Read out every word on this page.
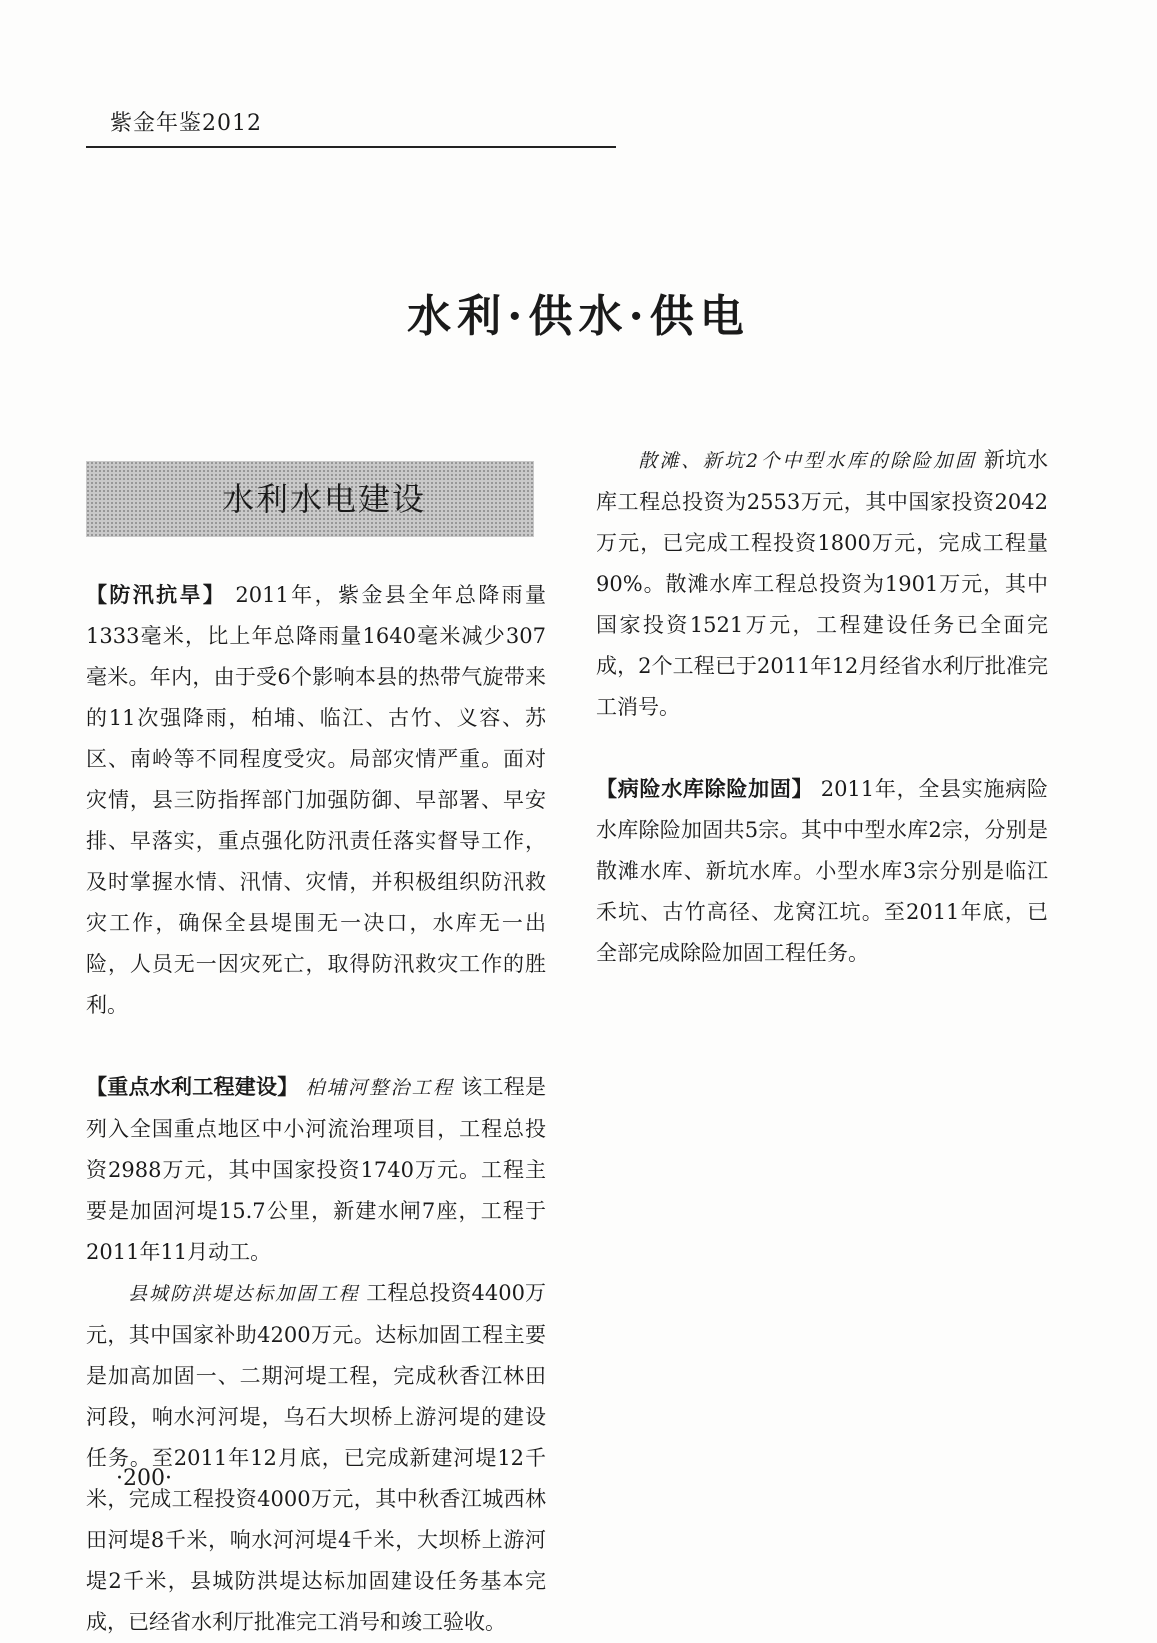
紫金年鉴2012
水利·供水·供电
水利水电建设

【防汛抗旱】 2011年，紫金县全年总降雨量1333毫米，比上年总降雨量1640毫米减少307毫米。年内，由于受6个影响本县的热带气旋带来的11次强降雨，柏埔、临江、古竹、义容、苏区、南岭等不同程度受灾。局部灾情严重。面对灾情，县三防指挥部门加强防御、早部署、早安排、早落实，重点强化防汛责任落实督导工作，及时掌握水情、汛情、灾情，并积极组织防汛救灾工作，确保全县堤围无一决口，水库无一出险，人员无一因灾死亡，取得防汛救灾工作的胜利。

【重点水利工程建设】 柏埔河整治工程 该工程是列入全国重点地区中小河流治理项目，工程总投资2988万元，其中国家投资1740万元。工程主要是加固河堤15.7公里，新建水闸7座，工程于2011年11月动工。

县城防洪堤达标加固工程 工程总投资4400万元，其中国家补助4200万元。达标加固工程主要是加高加固一、二期河堤工程，完成秋香江林田河段，响水河河堤，乌石大坝桥上游河堤的建设任务。至2011年12月底，已完成新建河堤12千米，完成工程投资4000万元，其中秋香江城西林田河堤8千米，响水河河堤4千米，大坝桥上游河堤2千米，县城防洪堤达标加固建设任务基本完成，已经省水利厅批准完工消号和竣工验收。

散滩、新坑2个中型水库的除险加固 新坑水库工程总投资为2553万元，其中国家投资2042万元，已完成工程投资1800万元，完成工程量90%。散滩水库工程总投资为1901万元，其中国家投资1521万元，工程建设任务已全面完成，2个工程已于2011年12月经省水利厅批准完工消号。

【病险水库除险加固】 2011年，全县实施病险水库除险加固共5宗。其中中型水库2宗，分别是散滩水库、新坑水库。小型水库3宗分别是临江禾坑、古竹高径、龙窝江坑。至2011年底，已全部完成除险加固工程任务。

·200·
